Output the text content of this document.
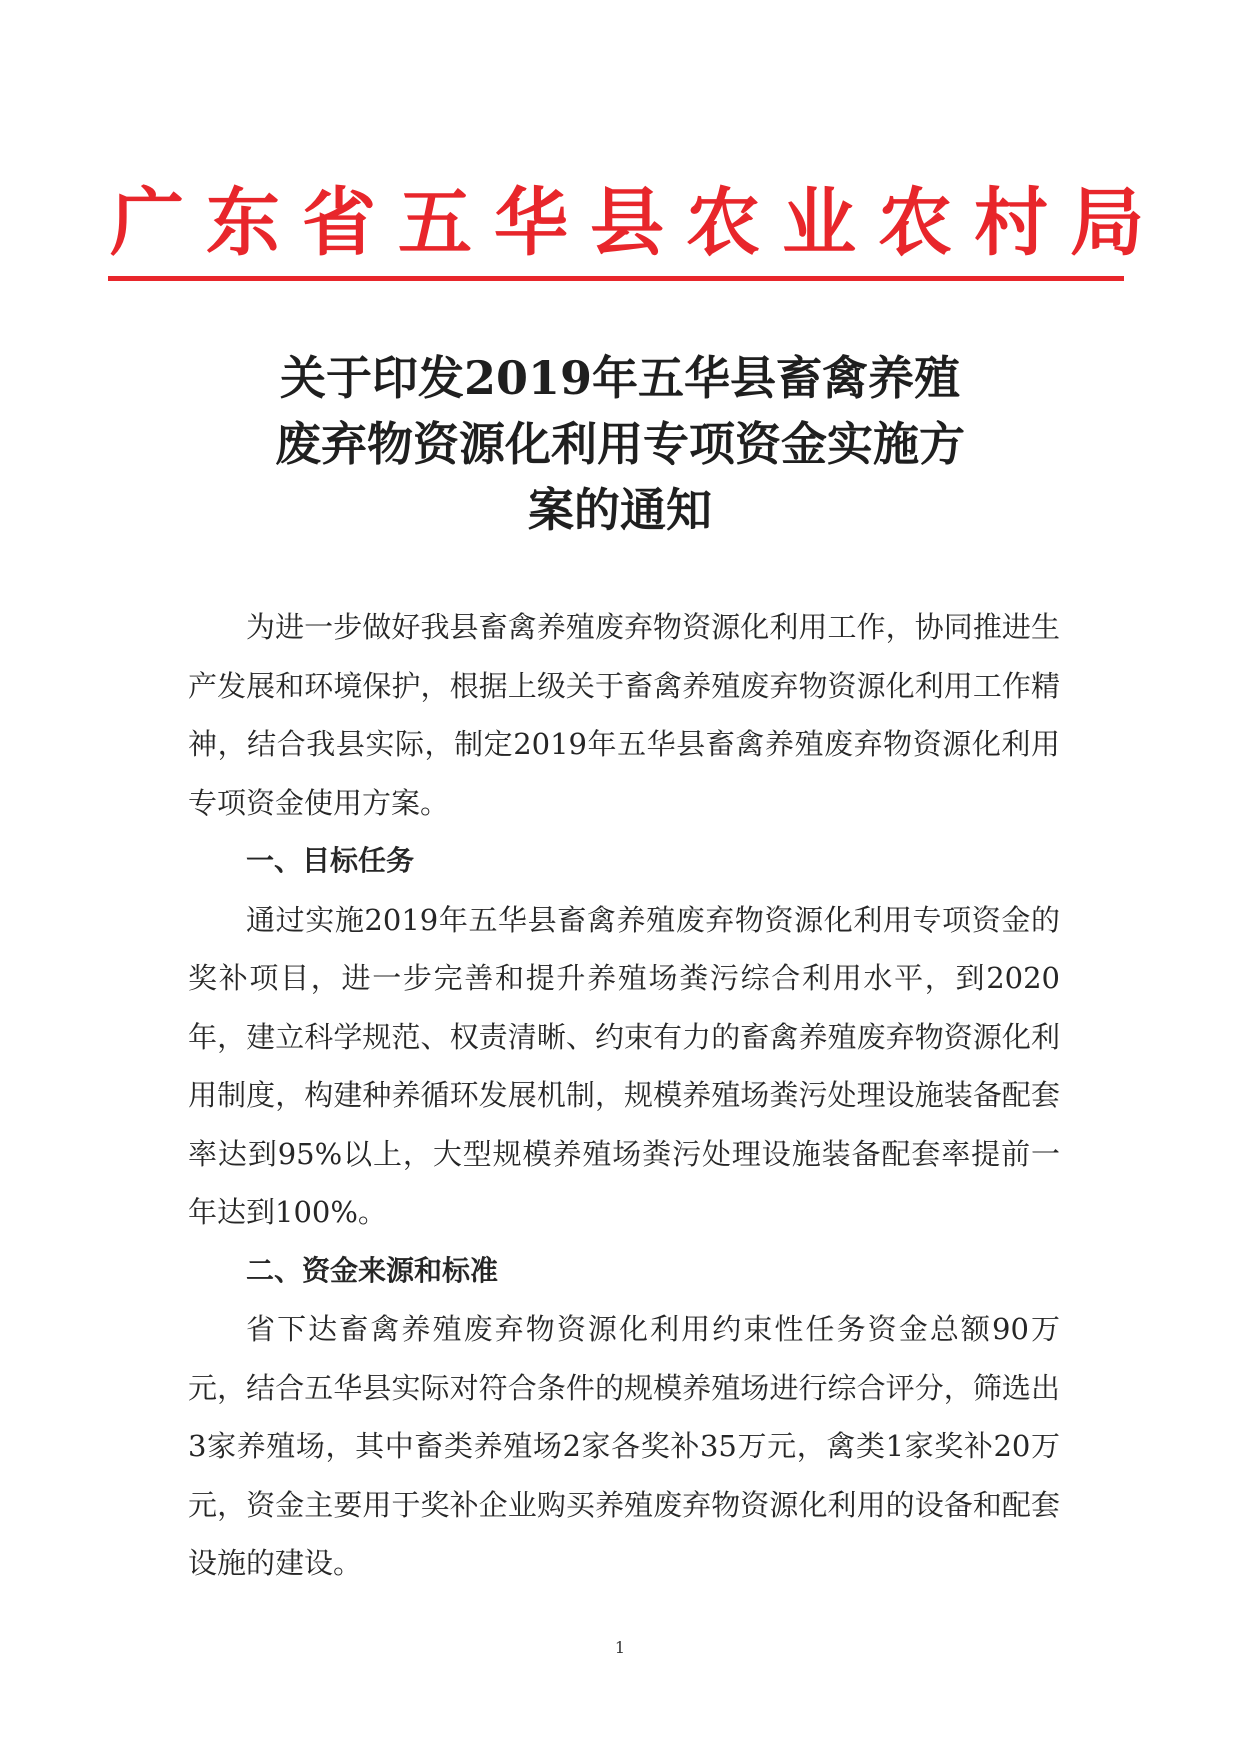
广东省五华县农业农村局
关于印发2019年五华县畜禽养殖
废弃物资源化利用专项资金实施方
案的通知

为进一步做好我县畜禽养殖废弃物资源化利用工作，协同推进生产发展和环境保护，根据上级关于畜禽养殖废弃物资源化利用工作精神，结合我县实际，制定2019年五华县畜禽养殖废弃物资源化利用专项资金使用方案。

一、目标任务

通过实施2019年五华县畜禽养殖废弃物资源化利用专项资金的奖补项目，进一步完善和提升养殖场粪污综合利用水平，到2020年，建立科学规范、权责清晰、约束有力的畜禽养殖废弃物资源化利用制度，构建种养循环发展机制，规模养殖场粪污处理设施装备配套率达到95%以上，大型规模养殖场粪污处理设施装备配套率提前一年达到100%。

二、资金来源和标准

省下达畜禽养殖废弃物资源化利用约束性任务资金总额90万元，结合五华县实际对符合条件的规模养殖场进行综合评分，筛选出3家养殖场，其中畜类养殖场2家各奖补35万元，禽类1家奖补20万元，资金主要用于奖补企业购买养殖废弃物资源化利用的设备和配套设施的建设。

1
